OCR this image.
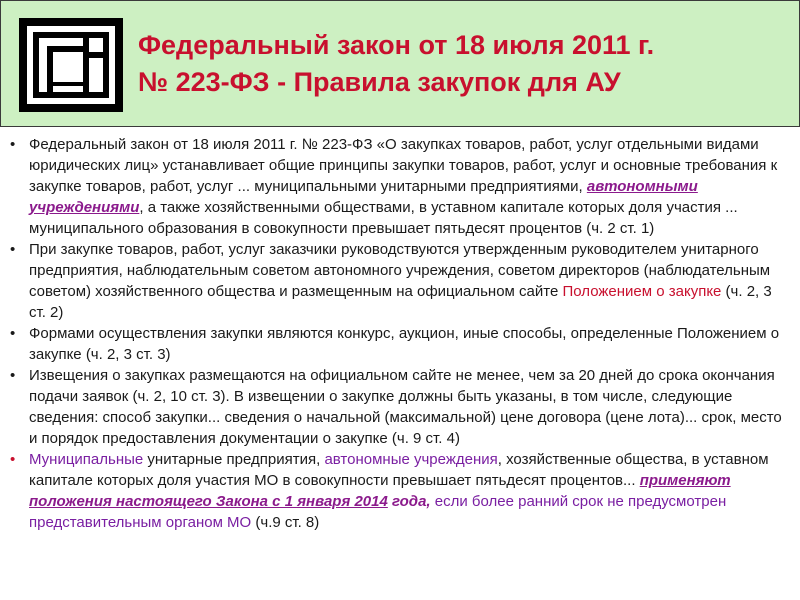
Федеральный закон от 18 июля 2011 г.
№ 223-ФЗ - Правила закупок для АУ
• Федеральный закон от 18 июля 2011 г. № 223-ФЗ «О закупках товаров, работ, услуг отдельными видами юридических лиц» устанавливает общие принципы закупки товаров, работ, услуг и основные требования к закупке товаров, работ, услуг ... муниципальными унитарными предприятиями, автономными учреждениями, а также хозяйственными обществами, в уставном капитале которых доля участия ... муниципального образования в совокупности превышает пятьдесят процентов (ч. 2 ст. 1)
• При закупке товаров, работ, услуг заказчики руководствуются утвержденным руководителем унитарного предприятия, наблюдательным советом автономного учреждения, советом директоров (наблюдательным советом) хозяйственного общества и размещенным на официальном сайте Положением о закупке (ч. 2, 3 ст. 2)
• Формами осуществления закупки являются конкурс, аукцион, иные способы, определенные Положением о закупке (ч. 2, 3 ст. 3)
• Извещения о закупках размещаются на официальном сайте не менее, чем за 20 дней до срока окончания подачи заявок (ч. 2, 10 ст. 3). В извещении о закупке должны быть указаны, в том числе, следующие сведения: способ закупки... сведения о начальной (максимальной) цене договора (цене лота)... срок, место и порядок предоставления документации о закупке (ч. 9 ст. 4)
• Муниципальные унитарные предприятия, автономные учреждения, хозяйственные общества, в уставном капитале которых доля участия МО в совокупности превышает пятьдесят процентов... применяют положения настоящего Закона с 1 января 2014 года, если более ранний срок не предусмотрен представительным органом МО (ч.9 ст. 8)
